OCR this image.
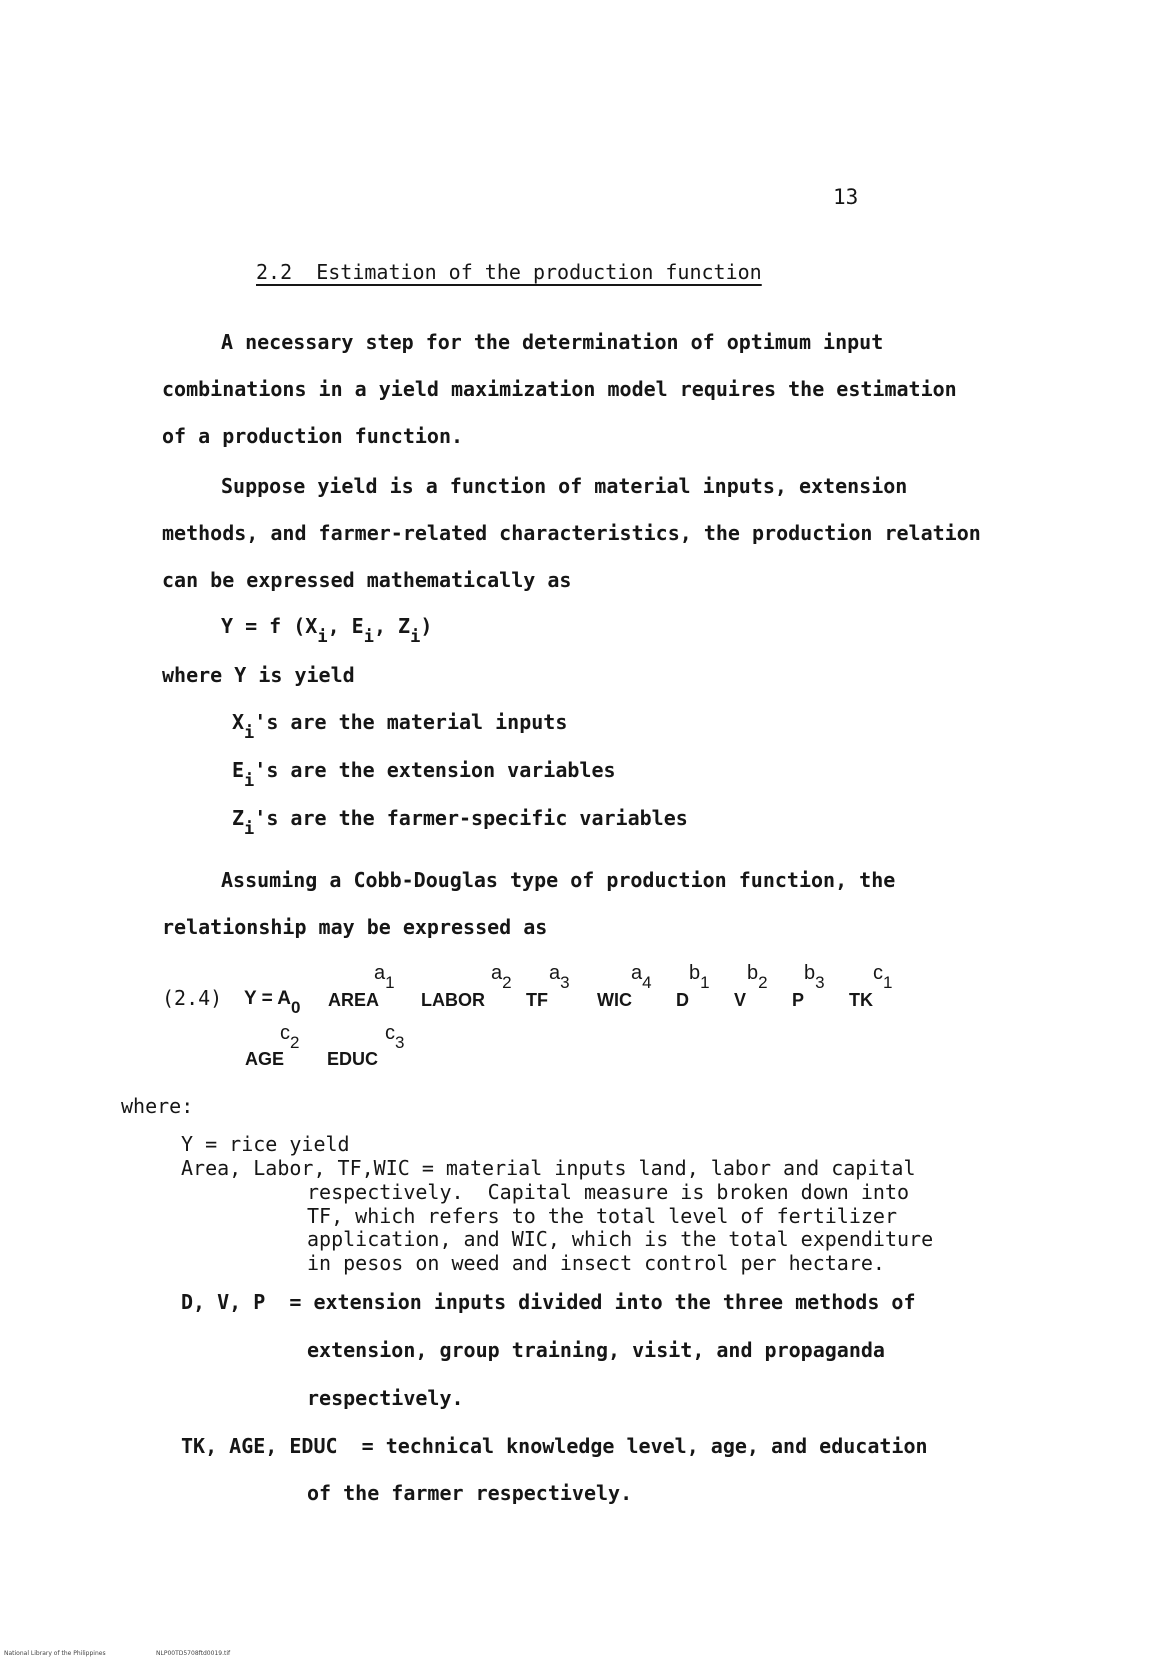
13
2.2  Estimation of the production function
A necessary step for the determination of optimum input
combinations in a yield maximization model requires the estimation
of a production function.
Suppose yield is a function of material inputs, extension
methods, and farmer-related characteristics, the production relation
can be expressed mathematically as
Y = f ($X_i$, $E_i$, $Z_i$)
where Y is yield
$X_i's$ are the material inputs
$E_i's$ are the extension variables
$Z_i's$ are the farmer-specific variables
Assuming a Cobb-Douglas type of production function, the
relationship may be expressed as
(2.4) Y = A0 AREA LABOR TF	WIC D	V	P TK
AGE EDUC
$a_1$	$a_2$ $a_3$	$a_4$ $b_1$ $b_2$ $b_3$ $c_1$
$c_2$	$c_3$
where:
Y = rice yield
Area, Labor, TF,WIC = material inputs land, labor and capital
respectively.  Capital measure is broken down into
TF, which refers to the total level of fertilizer
application, and WIC, which is the total expenditure
in pesos on weed and insect control per hectare.
D, V, P  = extension inputs divided into the three methods of
extension, group training, visit, and propaganda
respectively.
TK, AGE, EDUC  = technical knowledge level, age, and education
of the farmer respectively.
National Library of the Philippines	NLP00TD5708ftd0019.tif
